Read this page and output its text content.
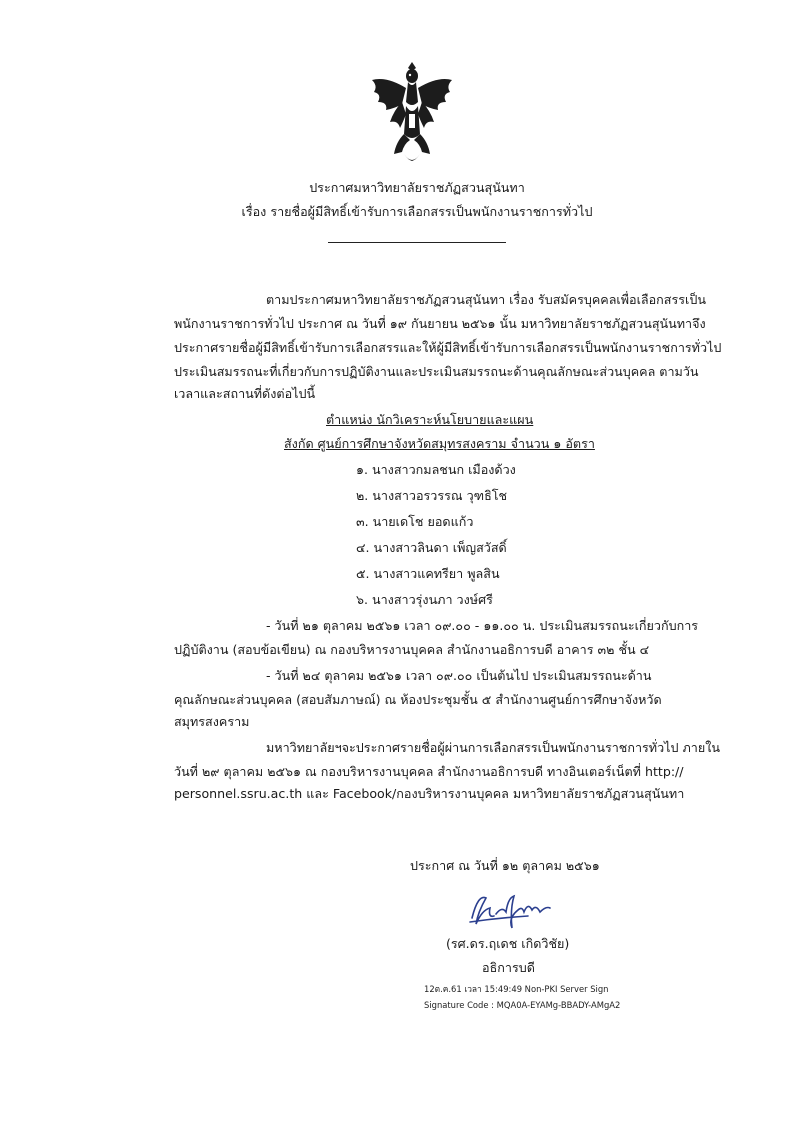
ประกาศมหาวิทยาลัยราชภัฏสวนสุนันทา
เรื่อง รายชื่อผู้มีสิทธิ์เข้ารับการเลือกสรรเป็นพนักงานราชการทั่วไป
ตามประกาศมหาวิทยาลัยราชภัฏสวนสุนันทา เรื่อง รับสมัครบุคคลเพื่อเลือกสรรเป็น
พนักงานราชการทั่วไป ประกาศ ณ วันที่ ๑๙ กันยายน ๒๕๖๑ นั้น มหาวิทยาลัยราชภัฏสวนสุนันทาจึง
ประกาศรายชื่อผู้มีสิทธิ์เข้ารับการเลือกสรรและให้ผู้มีสิทธิ์เข้ารับการเลือกสรรเป็นพนักงานราชการทั่วไป
ประเมินสมรรถนะที่เกี่ยวกับการปฏิบัติงานและประเมินสมรรถนะด้านคุณลักษณะส่วนบุคคล ตามวัน
เวลาและสถานที่ดังต่อไปนี้
ตำแหน่ง นักวิเคราะห์นโยบายและแผน
สังกัด ศูนย์การศึกษาจังหวัดสมุทรสงคราม จำนวน ๑ อัตรา
๑. นางสาวกมลชนก เมืองด้วง
๒. นางสาวอรวรรณ วุฑธิโช
๓. นายเดโช ยอดแก้ว
๔. นางสาวลินดา เพ็ญสวัสดิ์
๕. นางสาวแคทรียา พูลสิน
๖. นางสาวรุ่งนภา วงษ์ศรี
- วันที่ ๒๑ ตุลาคม ๒๕๖๑ เวลา ๐๙.๐๐ - ๑๑.๐๐ น. ประเมินสมรรถนะเกี่ยวกับการ
ปฏิบัติงาน (สอบข้อเขียน) ณ กองบริหารงานบุคคล สำนักงานอธิการบดี อาคาร ๓๒ ชั้น ๔
- วันที่ ๒๔ ตุลาคม ๒๕๖๑ เวลา ๐๙.๐๐ เป็นต้นไป ประเมินสมรรถนะด้าน
คุณลักษณะส่วนบุคคล (สอบสัมภาษณ์) ณ ห้องประชุมชั้น ๕ สำนักงานศูนย์การศึกษาจังหวัด
สมุทรสงคราม
มหาวิทยาลัยฯจะประกาศรายชื่อผู้ผ่านการเลือกสรรเป็นพนักงานราชการทั่วไป ภายใน
วันที่ ๒๙ ตุลาคม ๒๕๖๑ ณ กองบริหารงานบุคคล สำนักงานอธิการบดี ทางอินเตอร์เน็ตที่ http://
personnel.ssru.ac.th และ Facebook/กองบริหารงานบุคคล มหาวิทยาลัยราชภัฏสวนสุนันทา
ประกาศ ณ วันที่ ๑๒ ตุลาคม ๒๕๖๑
(รศ.ดร.ฤเดช เกิดวิชัย)
อธิการบดี
12ต.ค.61 เวลา 15:49:49 Non-PKI Server Sign
Signature Code : MQA0A-EYAMg-BBADY-AMgA2
